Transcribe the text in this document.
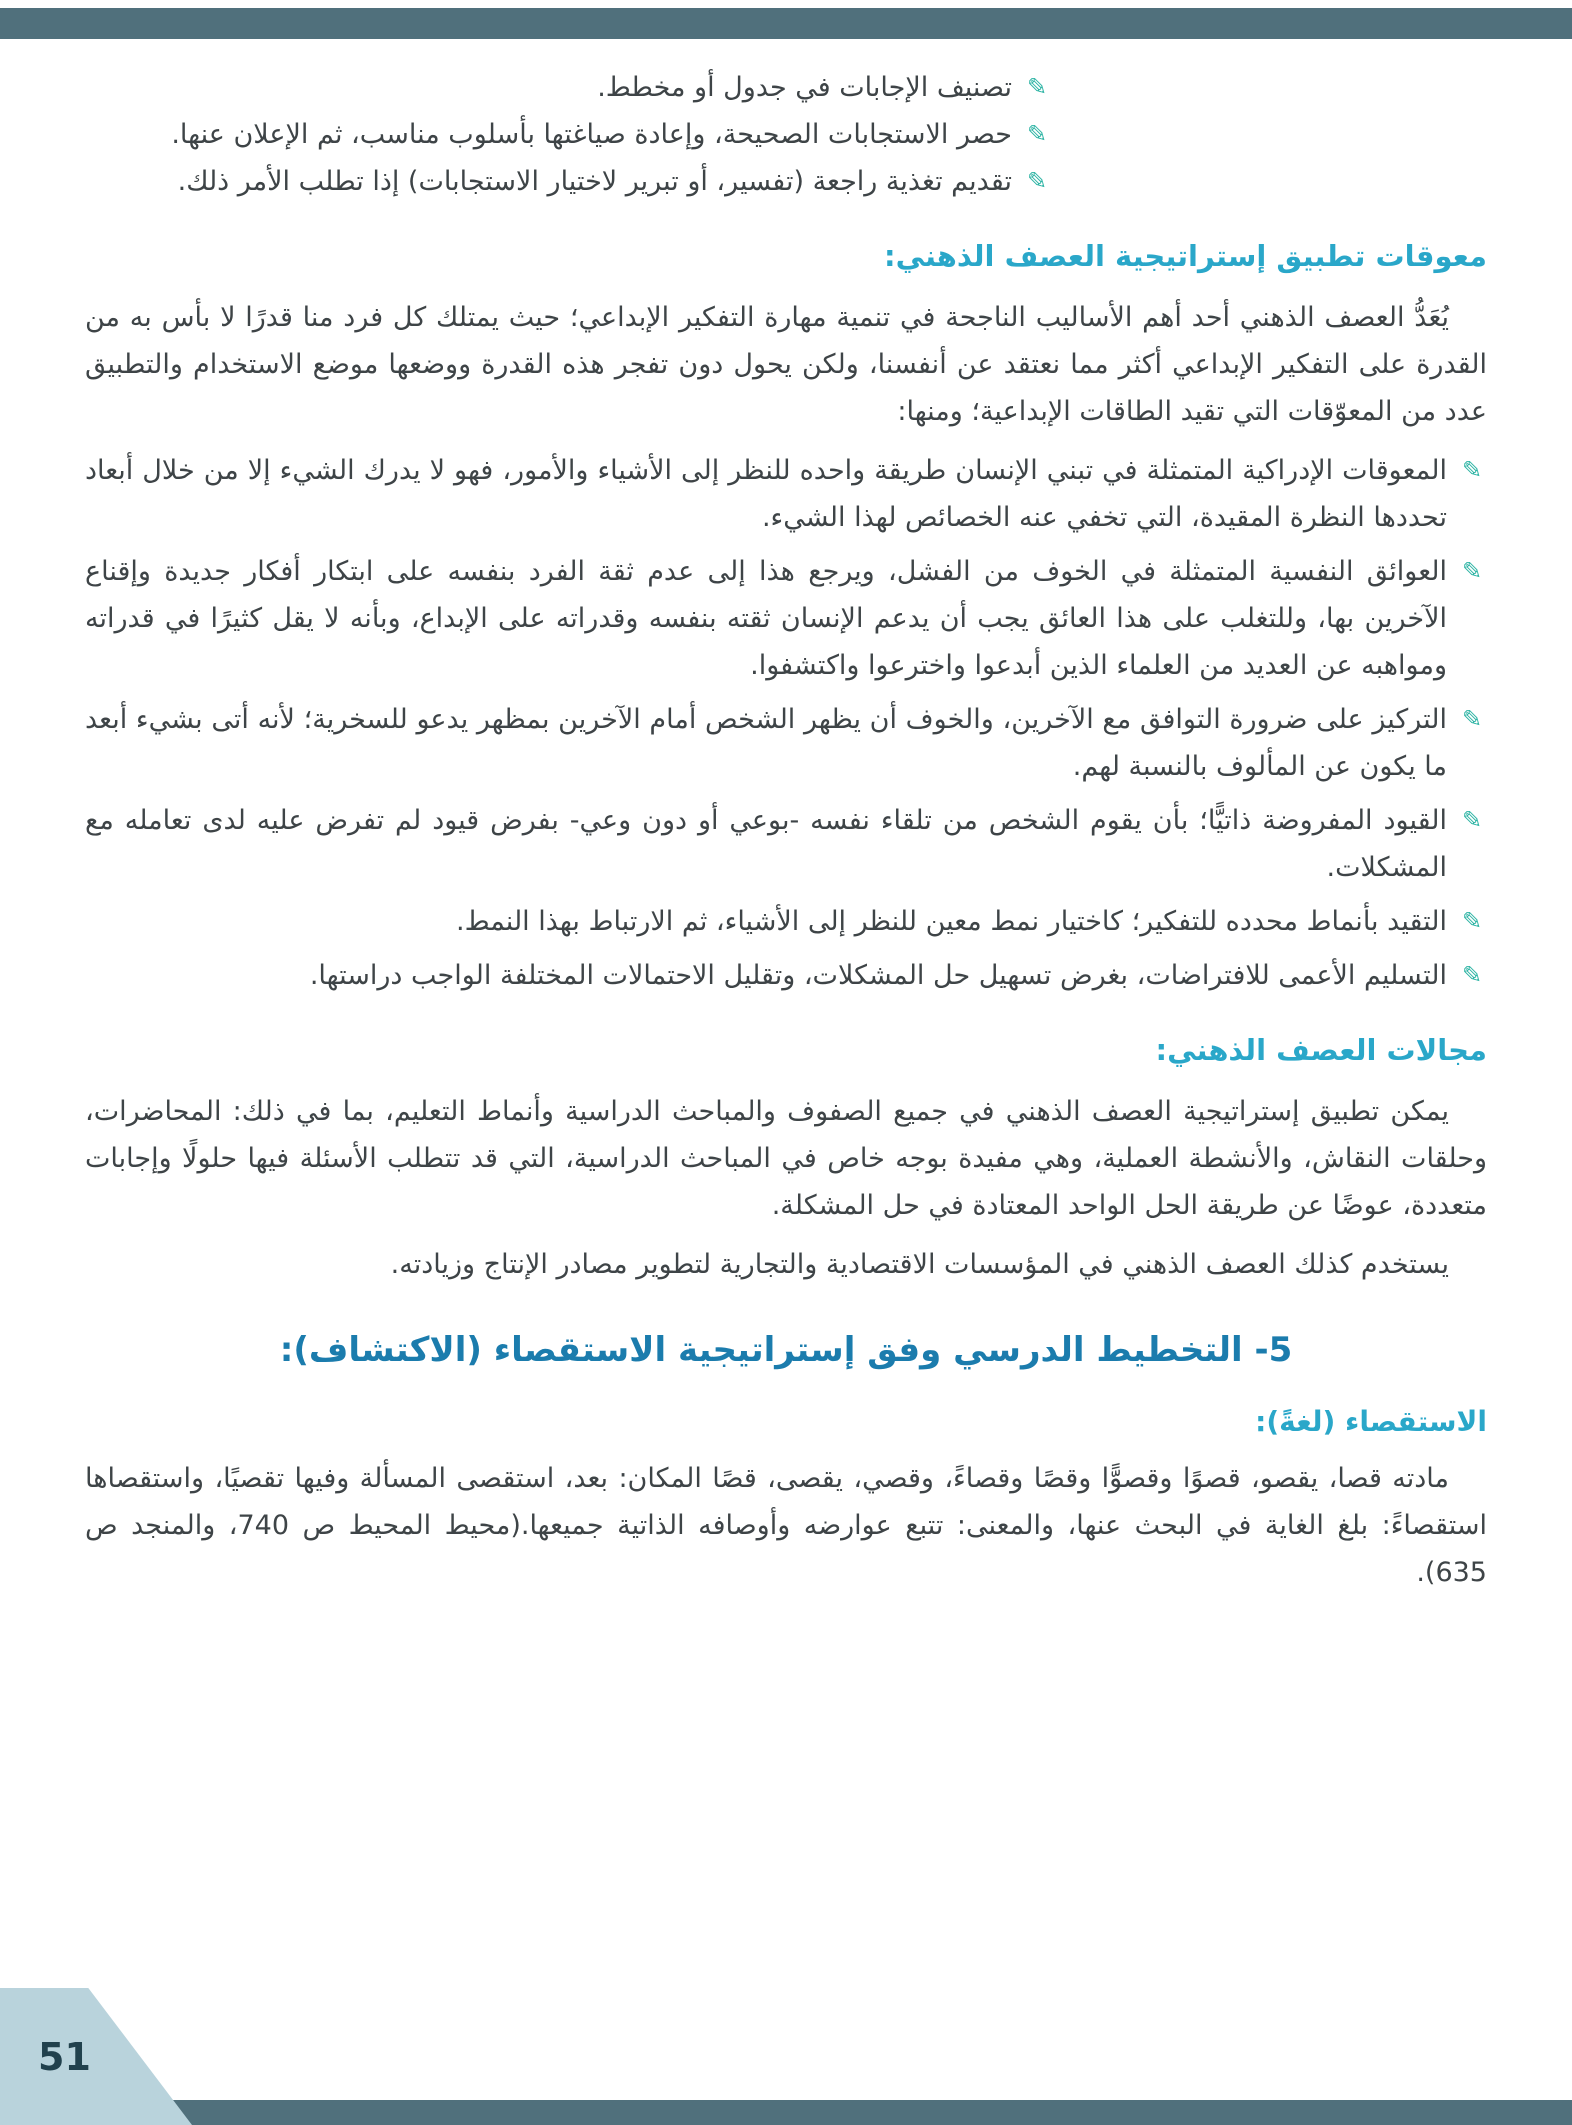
✎
تصنيف الإجابات في جدول أو مخطط.
✎
حصر الاستجابات الصحيحة، وإعادة صياغتها بأسلوب مناسب، ثم الإعلان عنها.
✎
تقديم تغذية راجعة (تفسير، أو تبرير لاختيار الاستجابات) إذا تطلب الأمر ذلك.
معوقات تطبيق إستراتيجية العصف الذهني:

يُعَدُّ العصف الذهني أحد أهم الأساليب الناجحة في تنمية مهارة التفكير الإبداعي؛ حيث يمتلك كل فرد منا قدرًا لا بأس به من القدرة على التفكير الإبداعي أكثر مما نعتقد عن أنفسنا، ولكن يحول دون تفجر هذه القدرة ووضعها موضع الاستخدام والتطبيق عدد من المعوّقات التي تقيد الطاقات الإبداعية؛ ومنها:

✎
المعوقات الإدراكية المتمثلة في تبني الإنسان طريقة واحده للنظر إلى الأشياء والأمور، فهو لا يدرك الشيء إلا من خلال أبعاد تحددها النظرة المقيدة، التي تخفي عنه الخصائص لهذا الشيء.
✎
العوائق النفسية المتمثلة في الخوف من الفشل، ويرجع هذا إلى عدم ثقة الفرد بنفسه على ابتكار أفكار جديدة وإقناع الآخرين بها، وللتغلب على هذا العائق يجب أن يدعم الإنسان ثقته بنفسه وقدراته على الإبداع، وبأنه لا يقل كثيرًا في قدراته ومواهبه عن العديد من العلماء الذين أبدعوا واخترعوا واكتشفوا.
✎
التركيز على ضرورة التوافق مع الآخرين، والخوف أن يظهر الشخص أمام الآخرين بمظهر يدعو للسخرية؛ لأنه أتى بشيء أبعد ما يكون عن المألوف بالنسبة لهم.
✎
القيود المفروضة ذاتيًّا؛ بأن يقوم الشخص من تلقاء نفسه -بوعي أو دون وعي- بفرض قيود لم تفرض عليه لدى تعامله مع المشكلات.
✎
التقيد بأنماط محدده للتفكير؛ كاختيار نمط معين للنظر إلى الأشياء، ثم الارتباط بهذا النمط.
✎
التسليم الأعمى للافتراضات، بغرض تسهيل حل المشكلات، وتقليل الاحتمالات المختلفة الواجب دراستها.
مجالات العصف الذهني:

يمكن تطبيق إستراتيجية العصف الذهني في جميع الصفوف والمباحث الدراسية وأنماط التعليم، بما في ذلك: المحاضرات، وحلقات النقاش، والأنشطة العملية، وهي مفيدة بوجه خاص في المباحث الدراسية، التي قد تتطلب الأسئلة فيها حلولًا وإجابات متعددة، عوضًا عن طريقة الحل الواحد المعتادة في حل المشكلة.

يستخدم كذلك العصف الذهني في المؤسسات الاقتصادية والتجارية لتطوير مصادر الإنتاج وزيادته.

5- التخطيط الدرسي وفق إستراتيجية الاستقصاء (الاكتشاف):
الاستقصاء (لغةً):

مادته قصا، يقصو، قصوًا وقصوًّا وقصًا وقصاءً، وقصي، يقصى، قصًا المكان: بعد، استقصى المسألة وفيها تقصيًا، واستقصاها استقصاءً: بلغ الغاية في البحث عنها، والمعنى: تتبع عوارضه وأوصافه الذاتية جميعها.(محيط المحيط ص 740، والمنجد ص 635).

51
